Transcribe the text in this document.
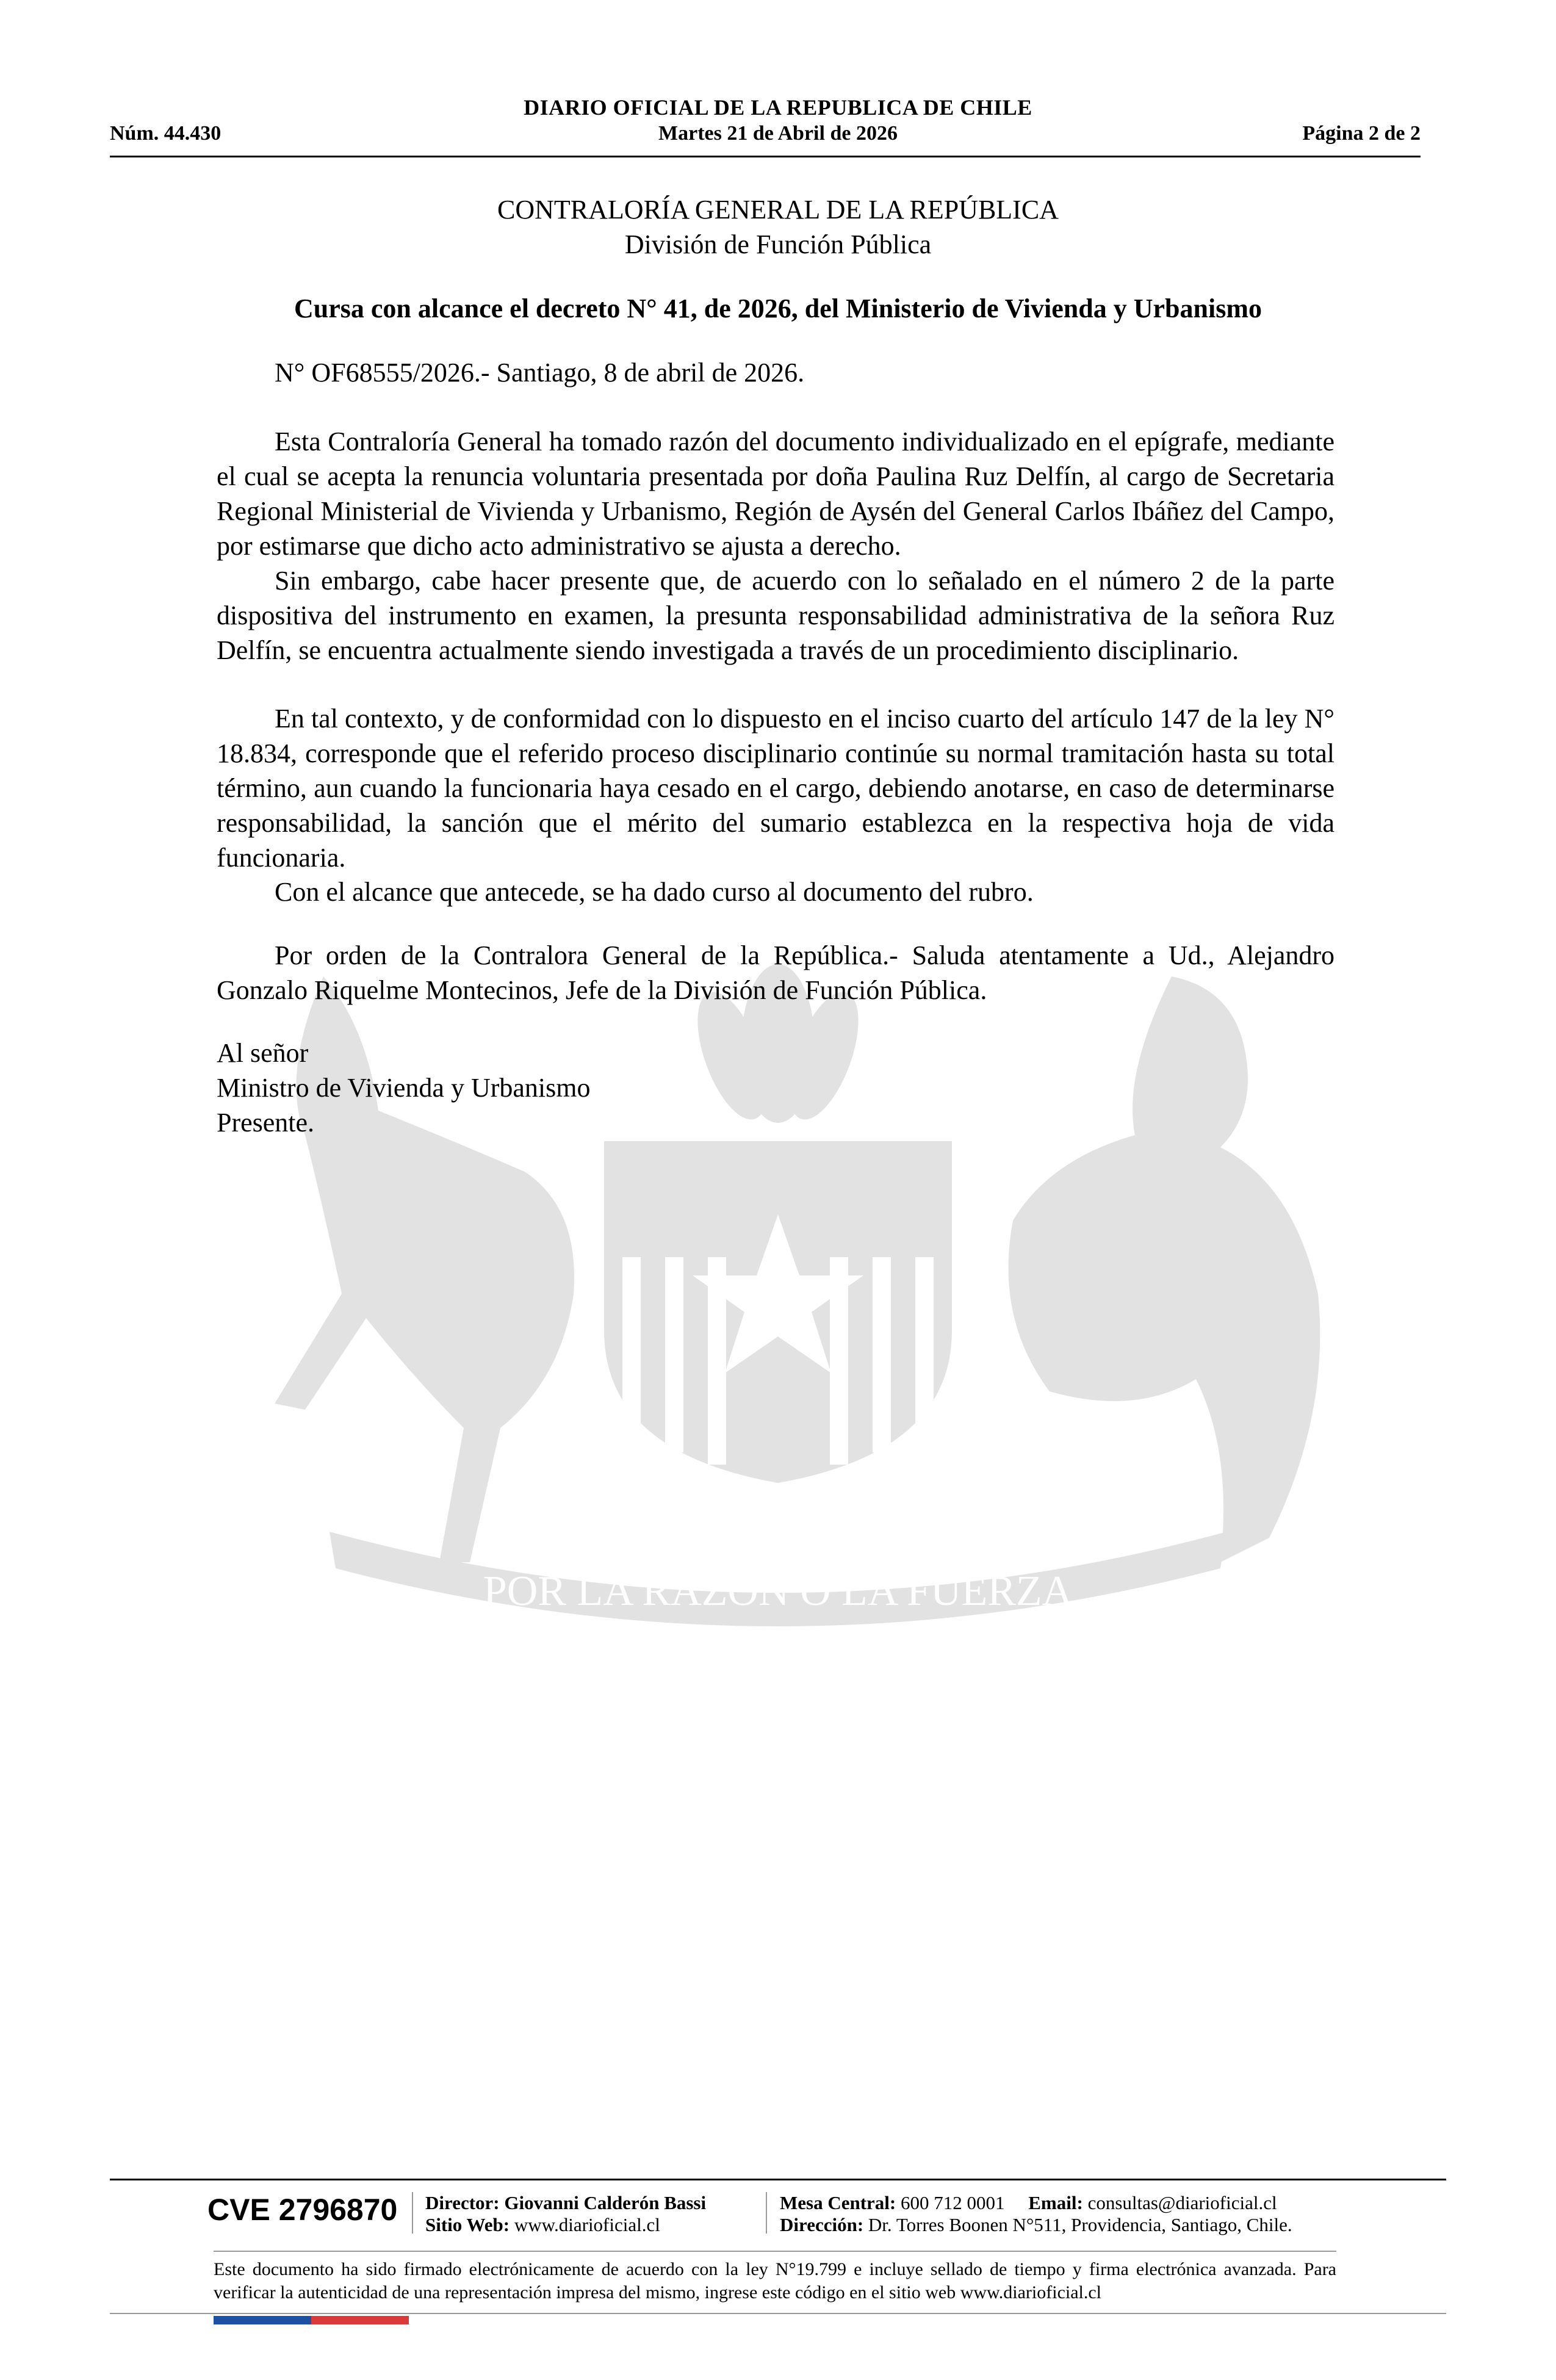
POR LA RAZON O LA FUERZA
DIARIO OFICIAL DE LA REPUBLICA DE CHILE
Núm. 44.430	Martes 21 de Abril de 2026	Página 2 de 2
CONTRALORÍA GENERAL DE LA REPÚBLICA
División de Función Pública
Cursa con alcance el decreto N° 41, de 2026, del Ministerio de Vivienda y Urbanismo
N° OF68555/2026.- Santiago, 8 de abril de 2026.
Esta Contraloría General ha tomado razón del documento individualizado en el epígrafe, mediante el cual se acepta la renuncia voluntaria presentada por doña Paulina Ruz Delfín, al cargo de Secretaria Regional Ministerial de Vivienda y Urbanismo, Región de Aysén del General Carlos Ibáñez del Campo, por estimarse que dicho acto administrativo se ajusta a derecho.
Sin embargo, cabe hacer presente que, de acuerdo con lo señalado en el número 2 de la parte dispositiva del instrumento en examen, la presunta responsabilidad administrativa de la señora Ruz Delfín, se encuentra actualmente siendo investigada a través de un procedimiento disciplinario.
En tal contexto, y de conformidad con lo dispuesto en el inciso cuarto del artículo 147 de la ley N° 18.834, corresponde que el referido proceso disciplinario continúe su normal tramitación hasta su total término, aun cuando la funcionaria haya cesado en el cargo, debiendo anotarse, en caso de determinarse responsabilidad, la sanción que el mérito del sumario establezca en la respectiva hoja de vida funcionaria.
Con el alcance que antecede, se ha dado curso al documento del rubro.
Por orden de la Contralora General de la República.- Saluda atentamente a Ud., Alejandro Gonzalo Riquelme Montecinos, Jefe de la División de Función Pública.
Al señor
Ministro de Vivienda y Urbanismo
Presente.
CVE 2796870 Director: Giovanni Calderón Bassi
Sitio Web: www.diarioficial.cl
Mesa Central: 600 712 0001 Email: consultas@diarioficial.cl
Dirección: Dr. Torres Boonen N°511, Providencia, Santiago, Chile.
Este documento ha sido firmado electrónicamente de acuerdo con la ley N°19.799 e incluye sellado de tiempo y firma electrónica avanzada. Para verificar la autenticidad de una representación impresa del mismo, ingrese este código en el sitio web www.diarioficial.cl
